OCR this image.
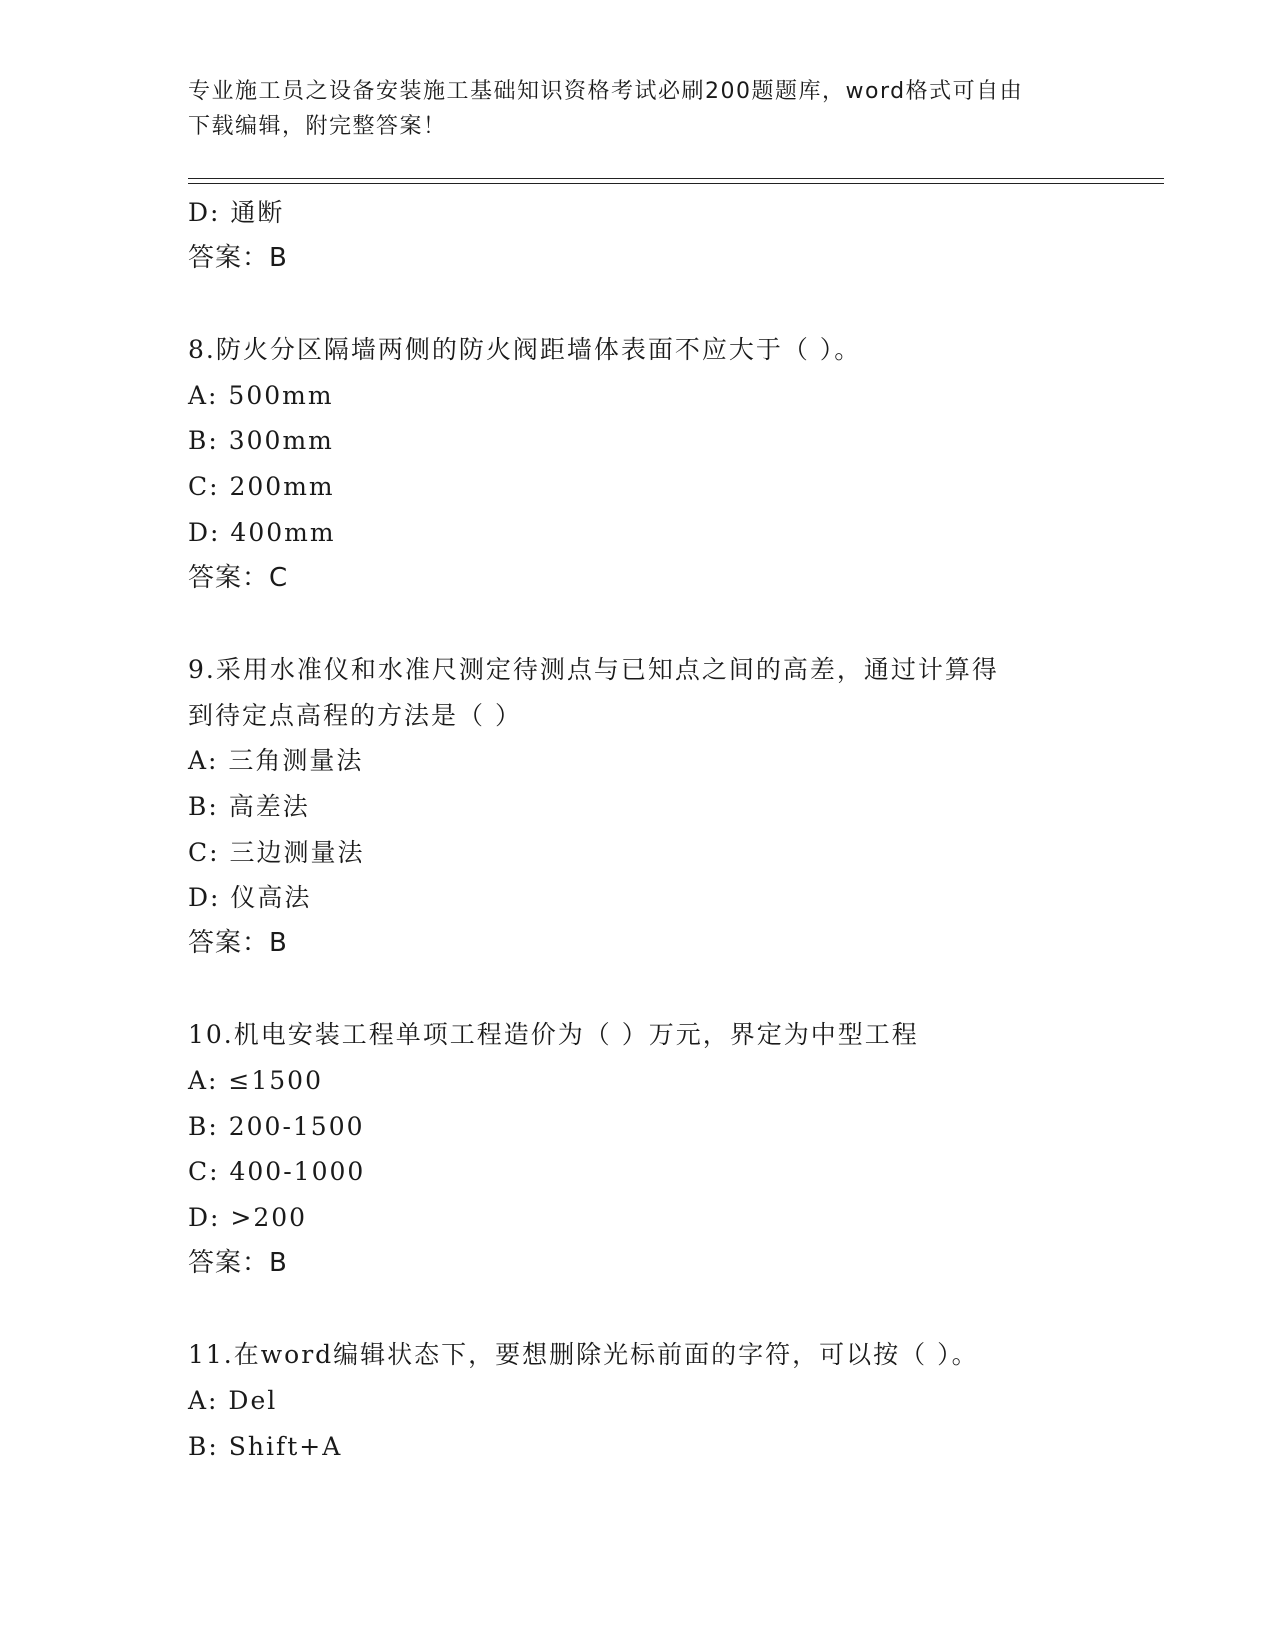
专业施工员之设备安装施工基础知识资格考试必刷200题题库，word格式可自由
下载编辑，附完整答案！
D: 通断
答案：B
8.防火分区隔墙两侧的防火阀距墙体表面不应大于（ ）。
A: 500mm
B: 300mm
C: 200mm
D: 400mm
答案：C
9.采用水准仪和水准尺测定待测点与已知点之间的高差，通过计算得
到待定点高程的方法是（ ）
A: 三角测量法
B: 高差法
C: 三边测量法
D: 仪高法
答案：B
10.机电安装工程单项工程造价为（ ）万元，界定为中型工程
A: ≤1500
B: 200-1500
C: 400-1000
D: >200
答案：B
11.在word编辑状态下，要想删除光标前面的字符，可以按（ ）。
A: Del
B: Shift+A
